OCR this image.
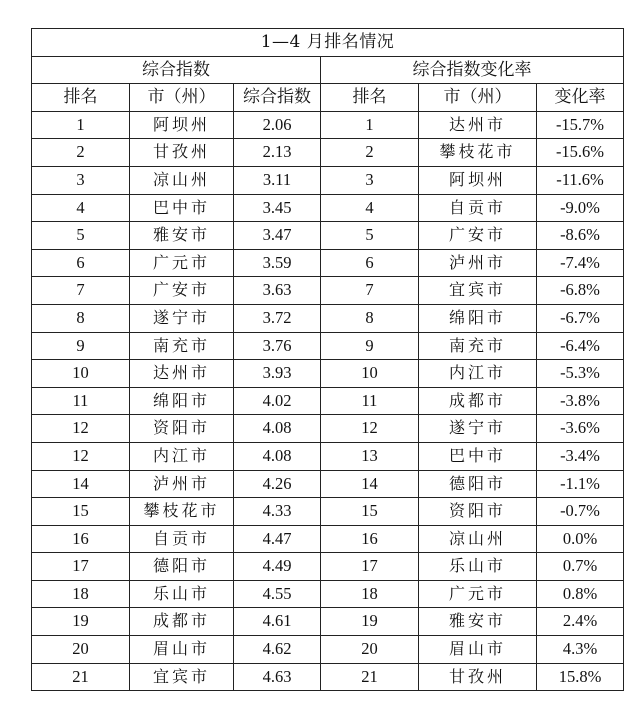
1—4 月排名情况					
综合指数			综合指数变化率		
排名	市（州）	综合指数	排名	市（州）	变化率
1	阿坝州	2.06	1	达州市	-15.7%
2	甘孜州	2.13	2	攀枝花市	-15.6%
3	凉山州	3.11	3	阿坝州	-11.6%
4	巴中市	3.45	4	自贡市	-9.0%
5	雅安市	3.47	5	广安市	-8.6%
6	广元市	3.59	6	泸州市	-7.4%
7	广安市	3.63	7	宜宾市	-6.8%
8	遂宁市	3.72	8	绵阳市	-6.7%
9	南充市	3.76	9	南充市	-6.4%
10	达州市	3.93	10	内江市	-5.3%
11	绵阳市	4.02	11	成都市	-3.8%
12	资阳市	4.08	12	遂宁市	-3.6%
12	内江市	4.08	13	巴中市	-3.4%
14	泸州市	4.26	14	德阳市	-1.1%
15	攀枝花市	4.33	15	资阳市	-0.7%
16	自贡市	4.47	16	凉山州	0.0%
17	德阳市	4.49	17	乐山市	0.7%
18	乐山市	4.55	18	广元市	0.8%
19	成都市	4.61	19	雅安市	2.4%
20	眉山市	4.62	20	眉山市	4.3%
21	宜宾市	4.63	21	甘孜州	15.8%
